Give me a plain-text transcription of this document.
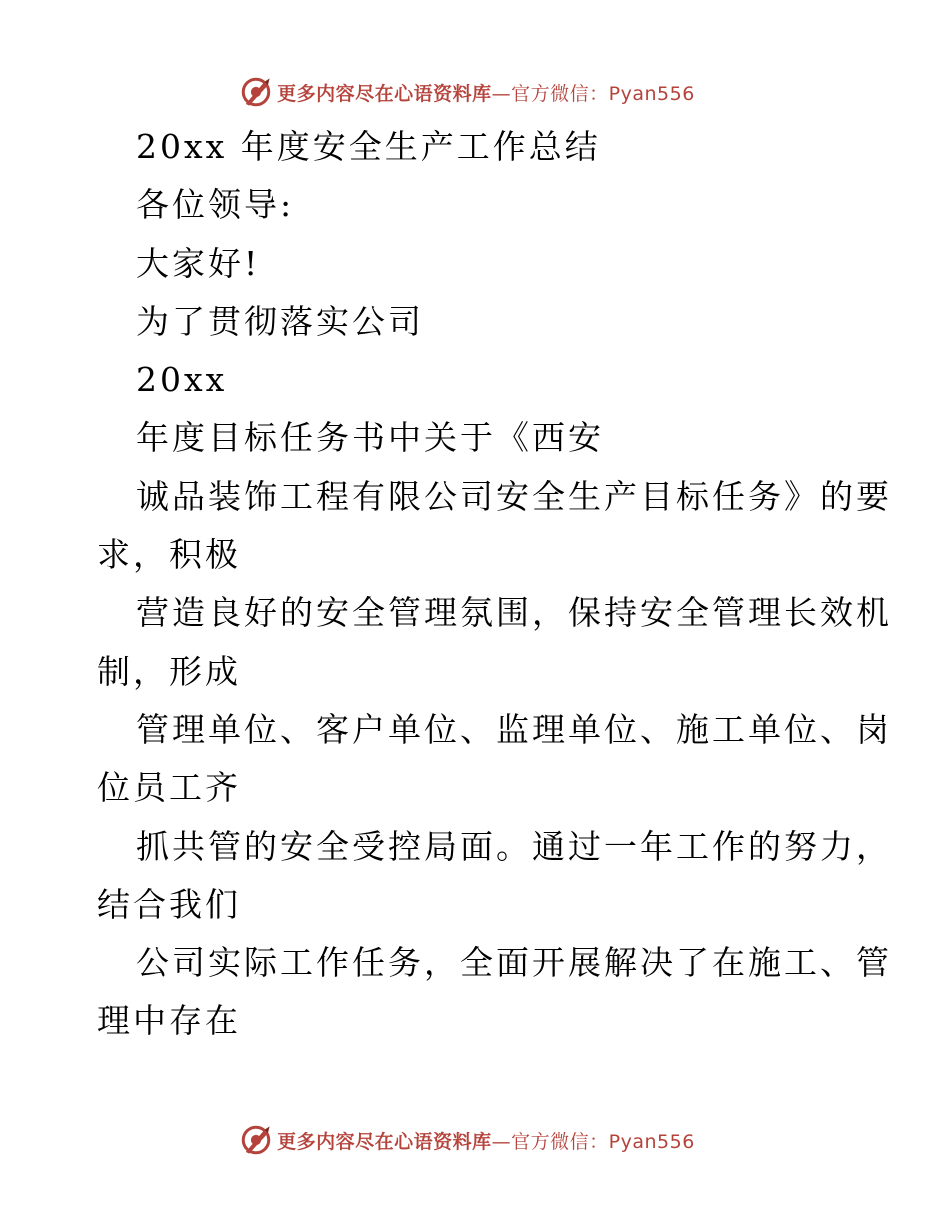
更多内容尽在心语资料库—官方微信：Pyan556
20xx 年度安全生产工作总结
各位领导:
大家好!
为了贯彻落实公司
20xx
年度目标任务书中关于《西安
诚品装饰工程有限公司安全生产目标任务》的要
求，积极
营造良好的安全管理氛围，保持安全管理长效机
制，形成
管理单位、客户单位、监理单位、施工单位、岗
位员工齐
抓共管的安全受控局面。通过一年工作的努力，
结合我们
公司实际工作任务，全面开展解决了在施工、管
理中存在
更多内容尽在心语资料库—官方微信：Pyan556
